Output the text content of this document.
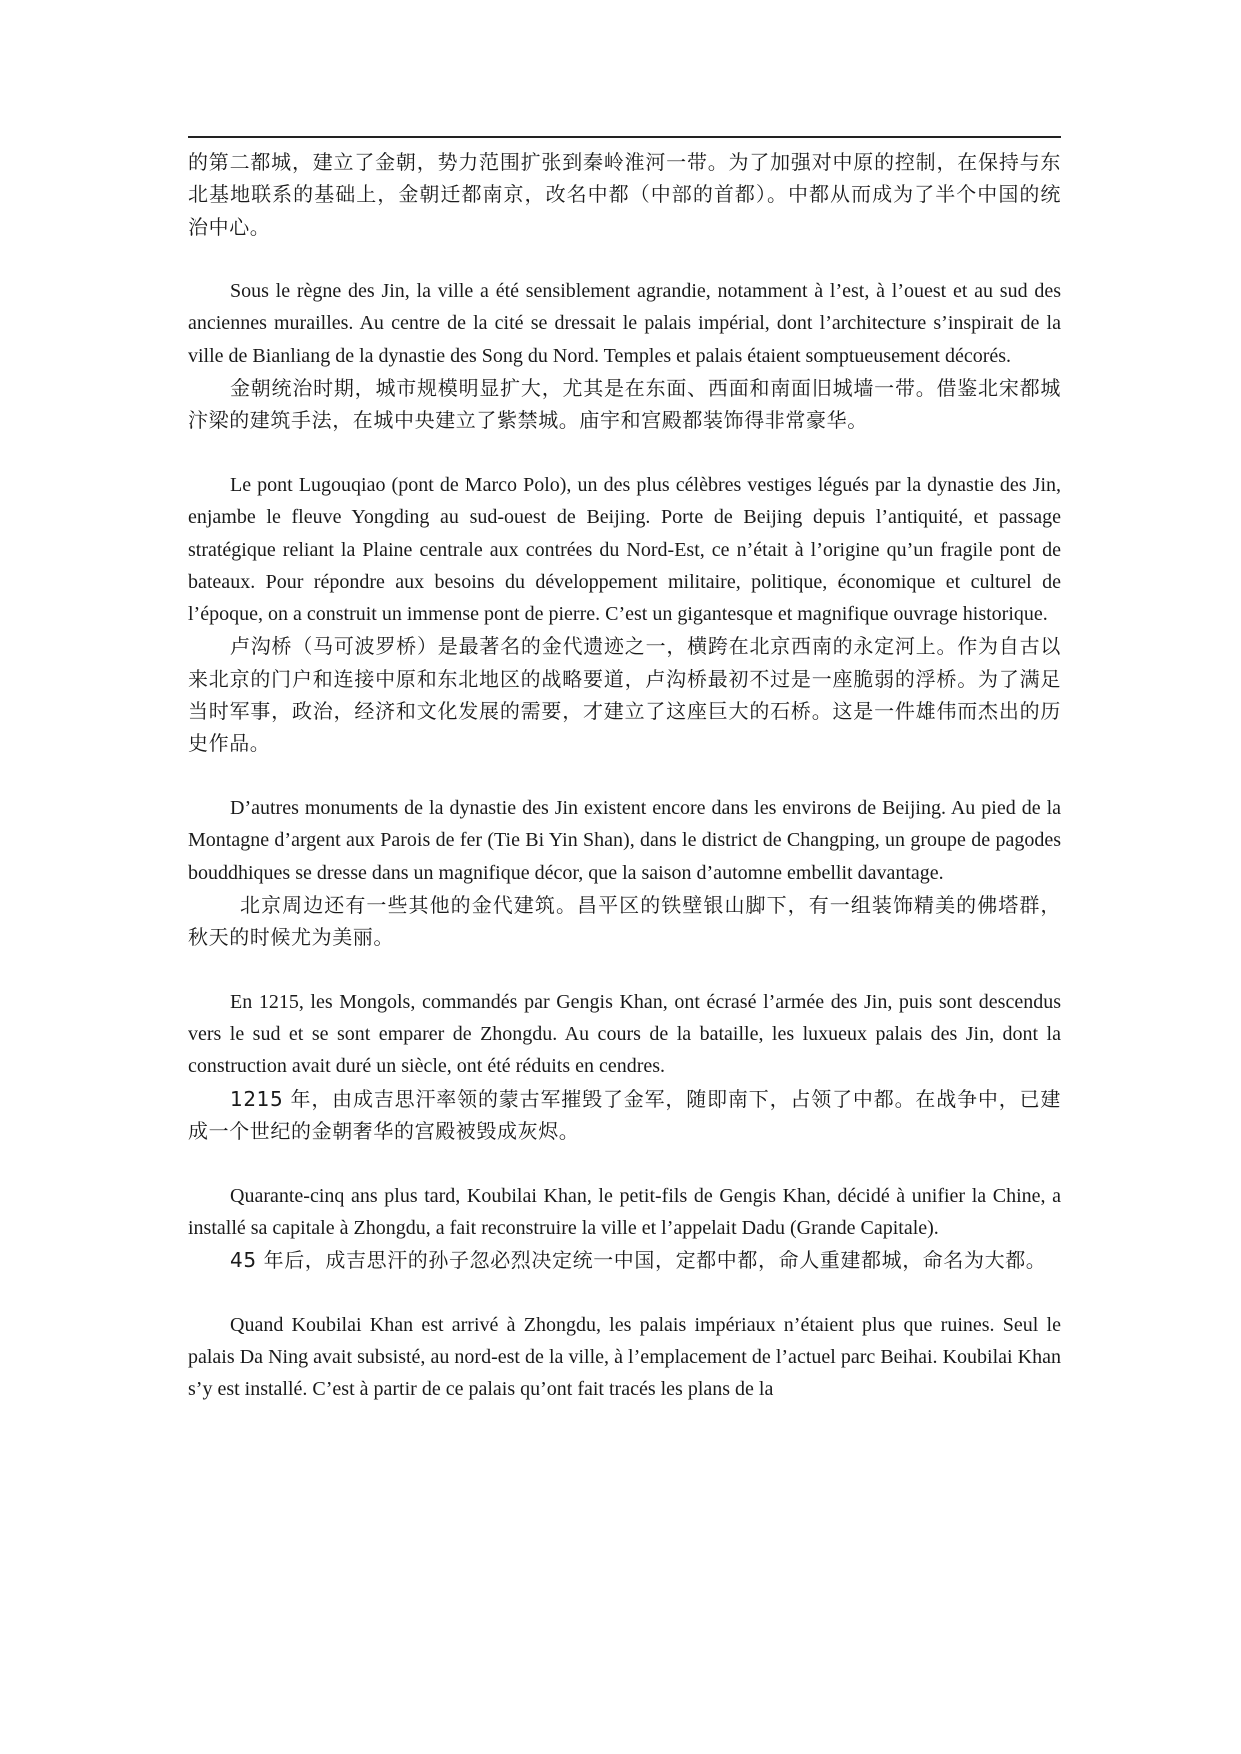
的第二都城，建立了金朝，势力范围扩张到秦岭淮河一带。为了加强对中原的控制，在保持与东北基地联系的基础上，金朝迁都南京，改名中都（中部的首都）。中都从而成为了半个中国的统治中心。

Sous le règne des Jin, la ville a été sensiblement agrandie, notamment à l’est, à l’ouest et au sud des anciennes murailles. Au centre de la cité se dressait le palais impérial, dont l’architecture s’inspirait de la ville de Bianliang de la dynastie des Song du Nord. Temples et palais étaient somptueusement décorés.

金朝统治时期，城市规模明显扩大，尤其是在东面、西面和南面旧城墙一带。借鉴北宋都城汴梁的建筑手法，在城中央建立了紫禁城。庙宇和宫殿都装饰得非常豪华。

Le pont Lugouqiao (pont de Marco Polo), un des plus célèbres vestiges légués par la dynastie des Jin, enjambe le fleuve Yongding au sud-ouest de Beijing. Porte de Beijing depuis l’antiquité, et passage stratégique reliant la Plaine centrale aux contrées du Nord-Est, ce n’était à l’origine qu’un fragile pont de bateaux. Pour répondre aux besoins du développement militaire, politique, économique et culturel de l’époque, on a construit un immense pont de pierre. C’est un gigantesque et magnifique ouvrage historique.

卢沟桥（马可波罗桥）是最著名的金代遗迹之一，横跨在北京西南的永定河上。作为自古以来北京的门户和连接中原和东北地区的战略要道，卢沟桥最初不过是一座脆弱的浮桥。为了满足当时军事，政治，经济和文化发展的需要，才建立了这座巨大的石桥。这是一件雄伟而杰出的历史作品。

D’autres monuments de la dynastie des Jin existent encore dans les environs de Beijing. Au pied de la Montagne d’argent aux Parois de fer (Tie Bi Yin Shan), dans le district de Changping, un groupe de pagodes bouddhiques se dresse dans un magnifique décor, que la saison d’automne embellit davantage.

北京周边还有一些其他的金代建筑。昌平区的铁壁银山脚下，有一组装饰精美的佛塔群，秋天的时候尤为美丽。

En 1215, les Mongols, commandés par Gengis Khan, ont écrasé l’armée des Jin, puis sont descendus vers le sud et se sont emparer de Zhongdu. Au cours de la bataille, les luxueux palais des Jin, dont la construction avait duré un siècle, ont été réduits en cendres.

1215 年，由成吉思汗率领的蒙古军摧毁了金军，随即南下，占领了中都。在战争中，已建成一个世纪的金朝奢华的宫殿被毁成灰烬。

Quarante-cinq ans plus tard, Koubilai Khan, le petit-fils de Gengis Khan, décidé à unifier la Chine, a installé sa capitale à Zhongdu, a fait reconstruire la ville et l’appelait Dadu (Grande Capitale).

45 年后，成吉思汗的孙子忽必烈决定统一中国，定都中都，命人重建都城，命名为大都。

Quand Koubilai Khan est arrivé à Zhongdu, les palais impériaux n’étaient plus que ruines. Seul le palais Da Ning avait subsisté, au nord-est de la ville, à l’emplacement de l’actuel parc Beihai. Koubilai Khan s’y est installé. C’est à partir de ce palais qu’ont fait tracés les plans de la
